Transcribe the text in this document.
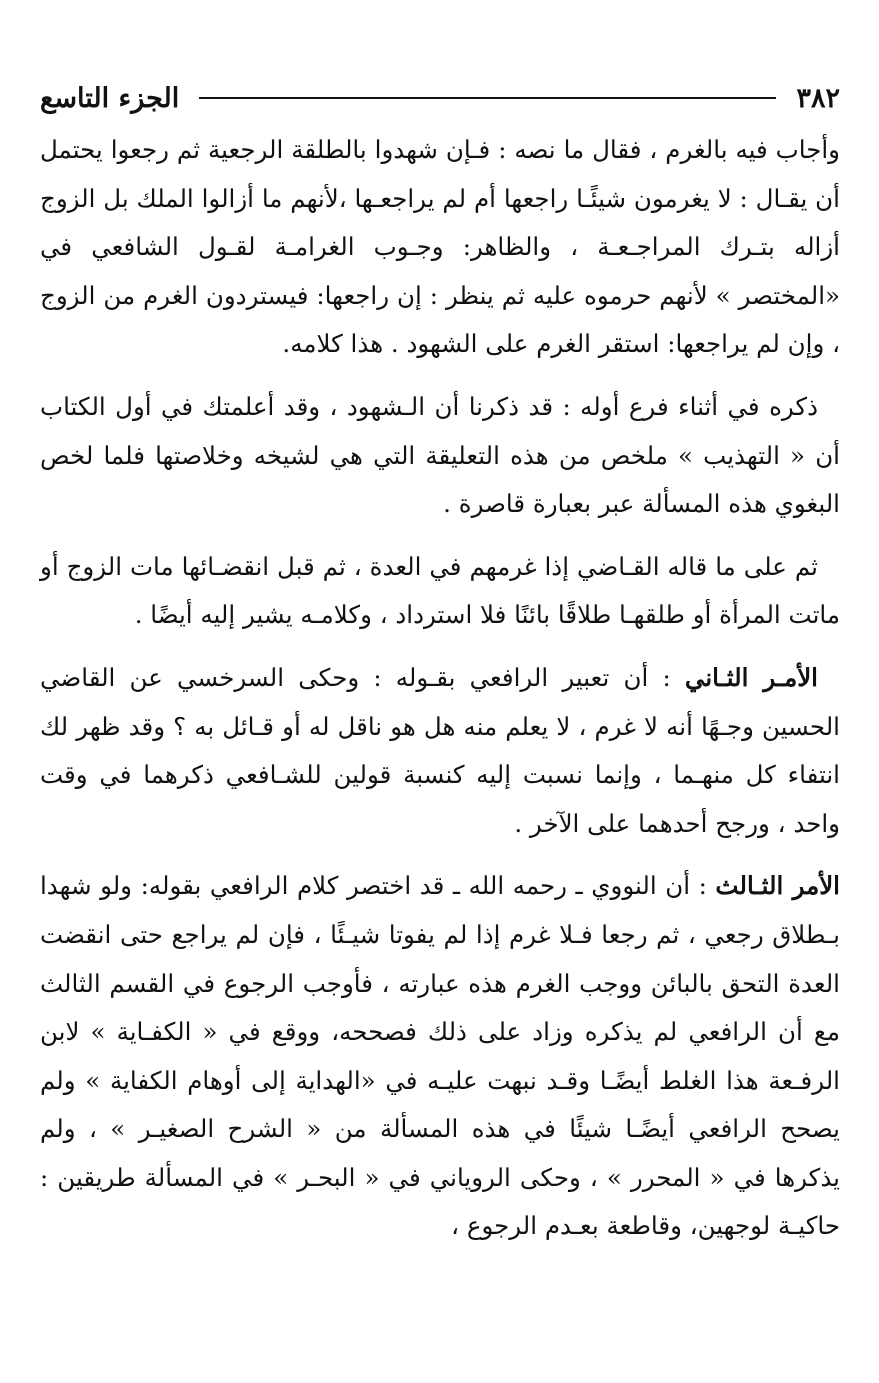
٣٨٢
الجزء التاسع

وأجاب فيه بالغرم ، فقال ما نصه : فـإن شهدوا بالطلقة الرجعية ثم رجعوا يحتمل أن يقـال : لا يغرمون شيئًـا راجعها أم لم يراجعـها ،لأنهم ما أزالوا الملك بل الزوج أزاله بتـرك المراجـعـة ، والظاهر: وجـوب الغرامـة لقـول الشافعي في «المختصر » لأنهم حرموه عليه ثم ينظر : إن راجعها: فيستردون الغرم من الزوج ، وإن لم يراجعها: استقر الغرم على الشهود . هذا كلامه.

ذكره في أثناء فرع أوله : قد ذكرنا أن الـشهود ، وقد أعلمتك في أول الكتاب أن « التهذيب » ملخص من هذه التعليقة التي هي لشيخه وخلاصتها فلما لخص البغوي هذه المسألة عبر بعبارة قاصرة .

ثم على ما قاله القـاضي إذا غرمهم في العدة ، ثم قبل انقضـائها مات الزوج أو ماتت المرأة أو طلقهـا طلاقًا بائنًا فلا استرداد ، وكلامـه يشير إليه أيضًا .

الأمـر الثـاني : أن تعبير الرافعي بقـوله : وحكى السرخسي عن القاضي الحسين وجـهًا أنه لا غرم ، لا يعلم منه هل هو ناقل له أو قـائل به ؟ وقد ظهر لك انتفاء كل منهـما ، وإنما نسبت إليه كنسبة قولين للشـافعي ذكرهما في وقت واحد ، ورجح أحدهما على الآخر .

الأمر الثـالث : أن النووي ـ رحمه الله ـ قد اختصر كلام الرافعي بقوله: ولو شهدا بـطلاق رجعي ، ثم رجعا فـلا غرم إذا لم يفوتا شيـئًا ، فإن لم يراجع حتى انقضت العدة التحق بالبائن ووجب الغرم هذه عبارته ، فأوجب الرجوع في القسم الثالث مع أن الرافعي لم يذكره وزاد على ذلك فصححه، ووقع في « الكفـاية » لابن الرفـعة هذا الغلط أيضًـا وقـد نبهت عليـه في «الهداية إلى أوهام الكفاية » ولم يصحح الرافعي أيضًـا شيئًا في هذه المسألة من « الشرح الصغيـر » ، ولم يذكرها في « المحرر » ، وحكى الروياني في « البحـر » في المسألة طريقين : حاكيـة لوجهين، وقاطعة بعـدم الرجوع ،
